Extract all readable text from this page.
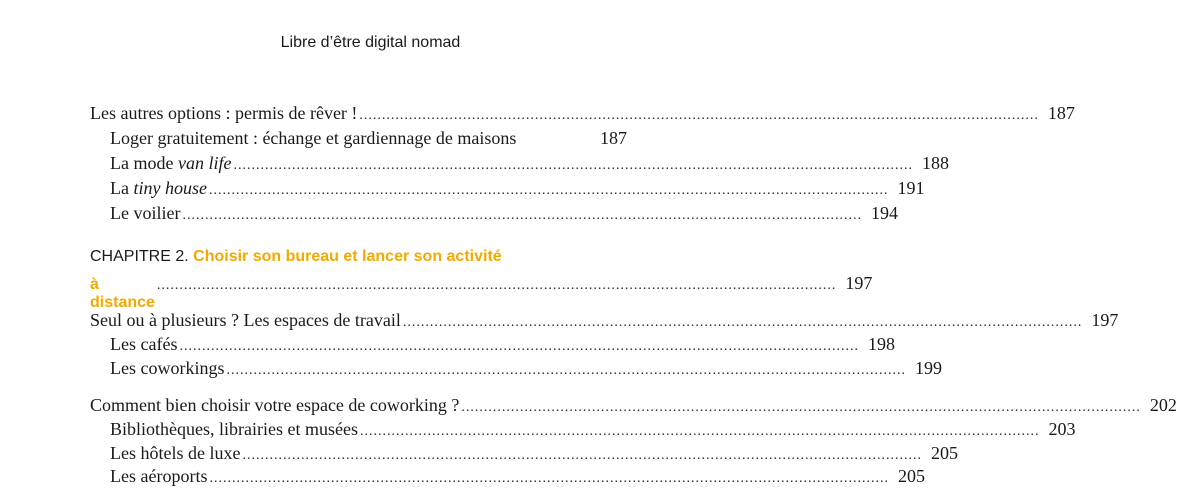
Libre d’être digital nomad
Les autres options : permis de rêver ! ....................................................................................................................................................... 187
Loger gratuitement : échange et gardiennage de maisons	187
La mode van life ....................................................................................................................................................... 188
La tiny house ....................................................................................................................................................... 191
Le voilier ....................................................................................................................................................... 194
CHAPITRE 2.
Choisir son bureau et lancer son activité
à distance
....................................................................................................................................................... 197
Seul ou à plusieurs ? Les espaces de travail ....................................................................................................................................................... 197
Les cafés ....................................................................................................................................................... 198
Les coworkings ....................................................................................................................................................... 199
Comment bien choisir votre espace de coworking ? ....................................................................................................................................................... 202
Bibliothèques, librairies et musées ....................................................................................................................................................... 203
Les hôtels de luxe ....................................................................................................................................................... 205
Les aéroports ....................................................................................................................................................... 205
